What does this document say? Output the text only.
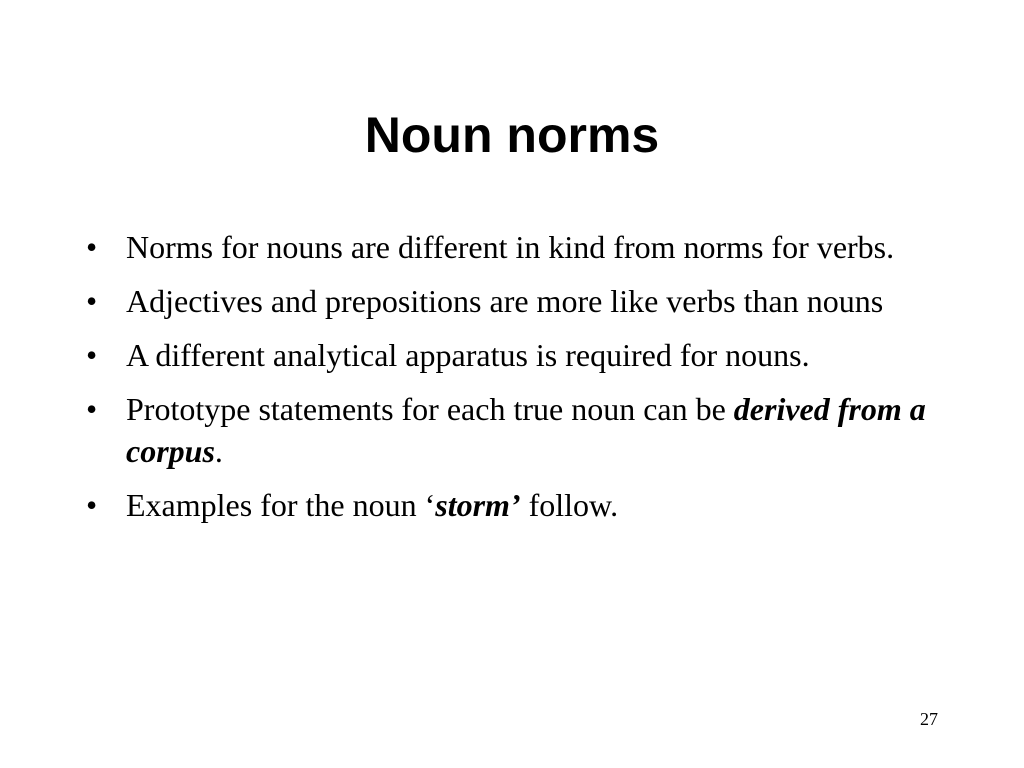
Noun norms
• Norms for nouns are different in kind from norms for verbs.
• Adjectives and prepositions are more like verbs than nouns
• A different analytical apparatus is required for nouns.
• Prototype statements for each true noun can be derived from a corpus.
• Examples for the noun ‘storm’ follow.
27
